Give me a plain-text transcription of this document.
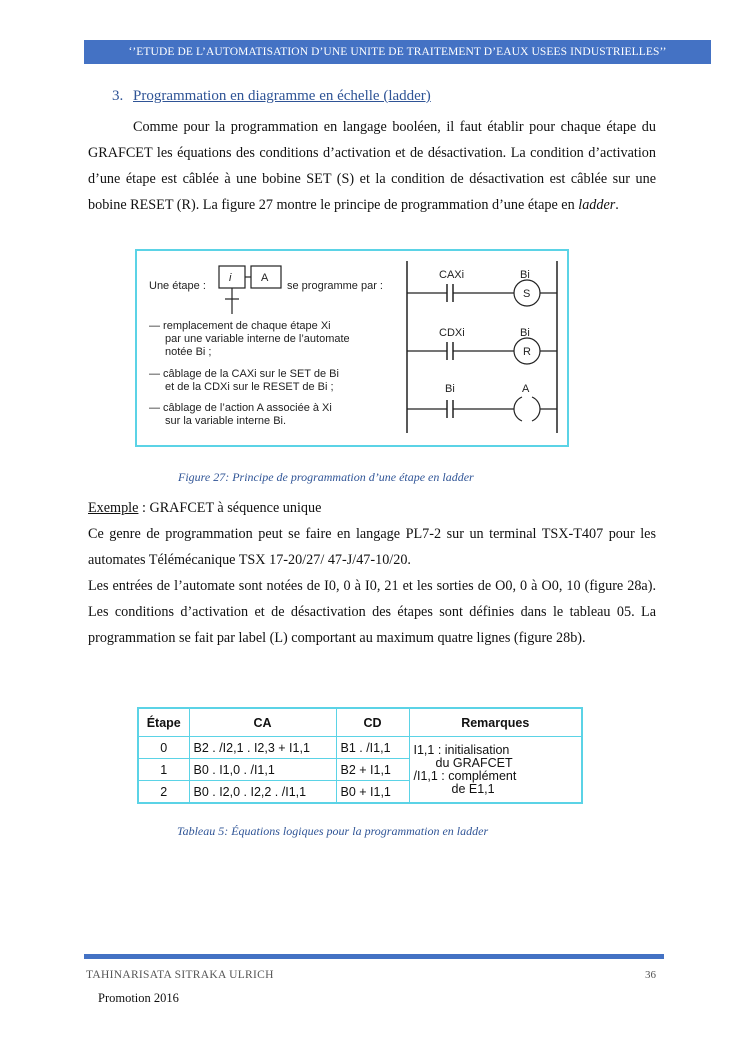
‘’ETUDE DE L’AUTOMATISATION D’UNE UNITE DE TRAITEMENT D’EAUX USEES INDUSTRIELLES’’
3. Programmation en diagramme en échelle (ladder)
Comme pour la programmation en langage booléen, il faut établir pour chaque étape du GRAFCET les équations des conditions d’activation et de désactivation. La condition d’activation d’une étape est câblée à une bobine SET (S) et la condition de désactivation est câblée sur une bobine RESET (R). La figure 27 montre le principe de programmation d’une étape en ladder.
Une étape :
i	A
se programme par :
— remplacement de chaque étape Xi
par une variable interne de l’automate
notée Bi ;
— câblage de la CAXi sur le SET de Bi
et de la CDXi sur le RESET de Bi ;
— câblage de l’action A associée à Xi
sur la variable interne Bi.
CAXi	Bi
S
CDXi	Bi
R
Bi	A
Figure 27: Principe de programmation d’une étape en ladder
Exemple : GRAFCET à séquence unique
Ce genre de programmation peut se faire en langage PL7-2 sur un terminal TSX-T407 pour les automates Télémécanique TSX 17-20/27/ 47-J/47-10/20.
Les entrées de l’automate sont notées de I0, 0 à I0, 21 et les sorties de O0, 0 à O0, 10 (figure 28a). Les conditions d’activation et de désactivation des étapes sont définies dans le tableau 05. La programmation se fait par label (L) comportant au maximum quatre lignes (figure 28b).
Étape	CA	CD	Remarques
0	B2 . /I2,1 . I2,3 + I1,1	B1 . /I1,1	I1,1 : initialisation
du GRAFCET
/I1,1 : complément
de E1,1

1	B0 . I1,0 . /I1,1	B2 + I1,1	
2	B0 . I2,0 . I2,2 . /I1,1	B0 + I1,1	
Tableau 5: Équations logiques pour la programmation en ladder
TAHINARISATA SITRAKA ULRICH	36
Promotion 2016
